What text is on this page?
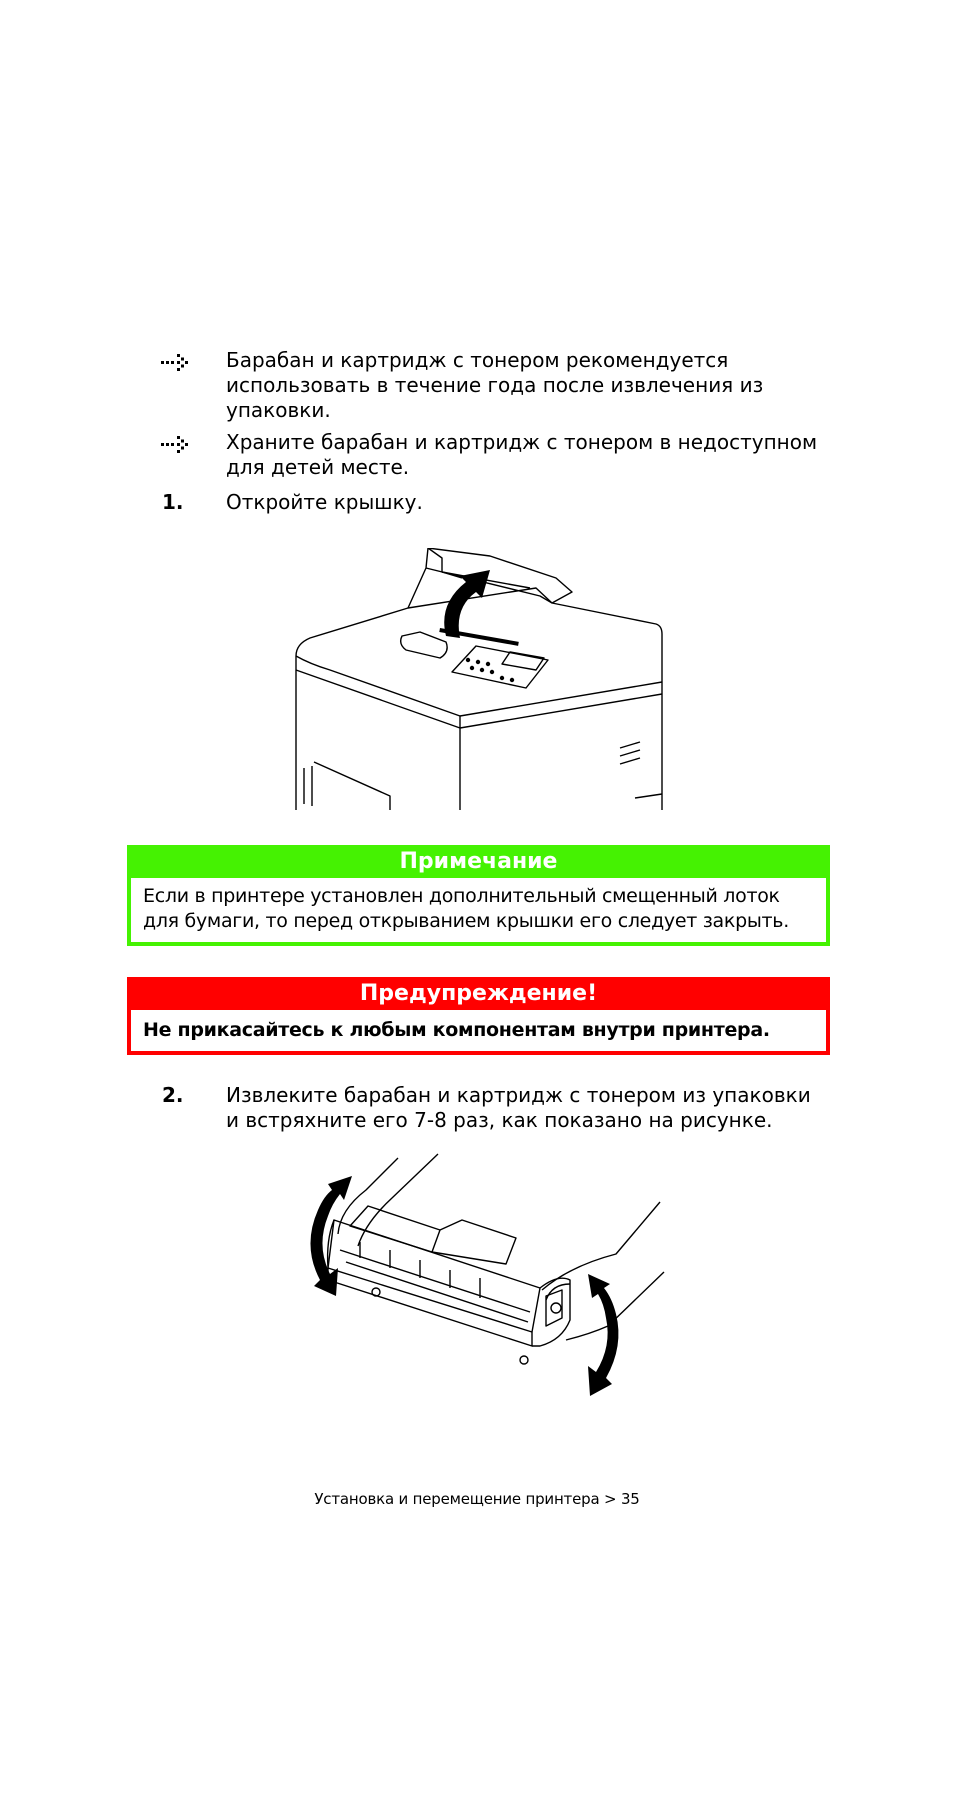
Барабан и картридж с тонером рекомендуется использовать в течение года после извлечения из упаковки.
Храните барабан и картридж с тонером в недоступном для детей месте.
1. Откройте крышку.
Примечание
Если в принтере установлен дополнительный смещенный лоток для бумаги, то перед открыванием крышки его следует закрыть.
Предупреждение!
Не прикасайтесь к любым компонентам внутри принтера.
2. Извлеките барабан и картридж с тонером из упаковки и встряхните его 7-8 раз, как показано на рисунке.
Установка и перемещение принтера > 35
